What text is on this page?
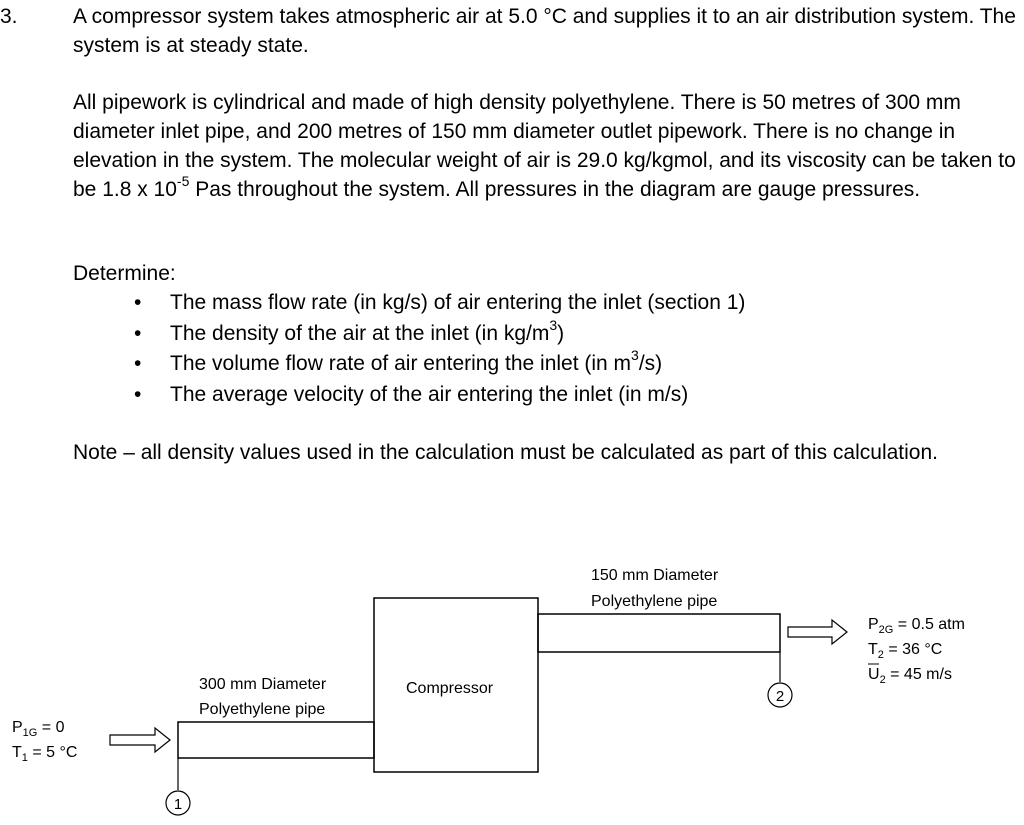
3.	A compressor system takes atmospheric air at 5.0 °C and supplies it to an air distribution system. The system is at steady state.

All pipework is cylindrical and made of high density polyethylene. There is 50 metres of 300 mm diameter inlet pipe, and 200 metres of 150 mm diameter outlet pipework. There is no change in elevation in the system. The molecular weight of air is 29.0 kg/kgmol, and its viscosity can be taken to be 1.8 x $10^{-5}$ Pas throughout the system. All pressures in the diagram are gauge pressures.

Determine:

• The mass flow rate (in kg/s) of air entering the inlet (section 1)
• The density of the air at the inlet (in $kg/m^3$)
• The volume flow rate of air entering the inlet (in $m^3/s$)
• The average velocity of the air entering the inlet (in m/s)

Note – all density values used in the calculation must be calculated as part of this calculation.

300 mm Diameter
Polyethylene pipe
Compressor
150 mm Diameter
Polyethylene pipe
1
2
$P_{1G} = 0$
$T_1 = 5$ °C
$P_{2G} = 0.5$ atm
$T_2 = 36$ °C
$U_2 = 45$ m/s
